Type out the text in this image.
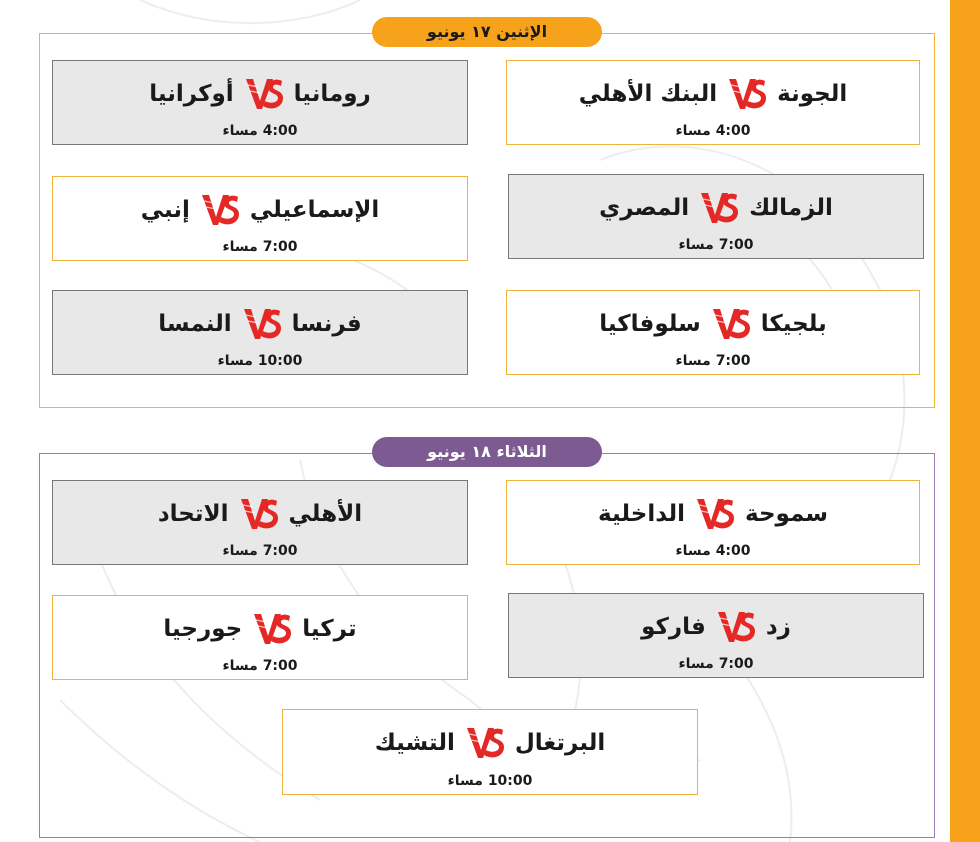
الإثنين ١٧ يونيو
الثلاثاء ١٨ يونيو
الجونة
البنك الأهلي
4:00 مساء
رومانيا
أوكرانيا
4:00 مساء
الزمالك
المصري
7:00 مساء
الإسماعيلي
إنبي
7:00 مساء
بلجيكا
سلوفاكيا
7:00 مساء
فرنسا
النمسا
10:00 مساء
سموحة
الداخلية
4:00 مساء
الأهلي
الاتحاد
7:00 مساء
زد
فاركو
7:00 مساء
تركيا
جورجيا
7:00 مساء
البرتغال
التشيك
10:00 مساء
